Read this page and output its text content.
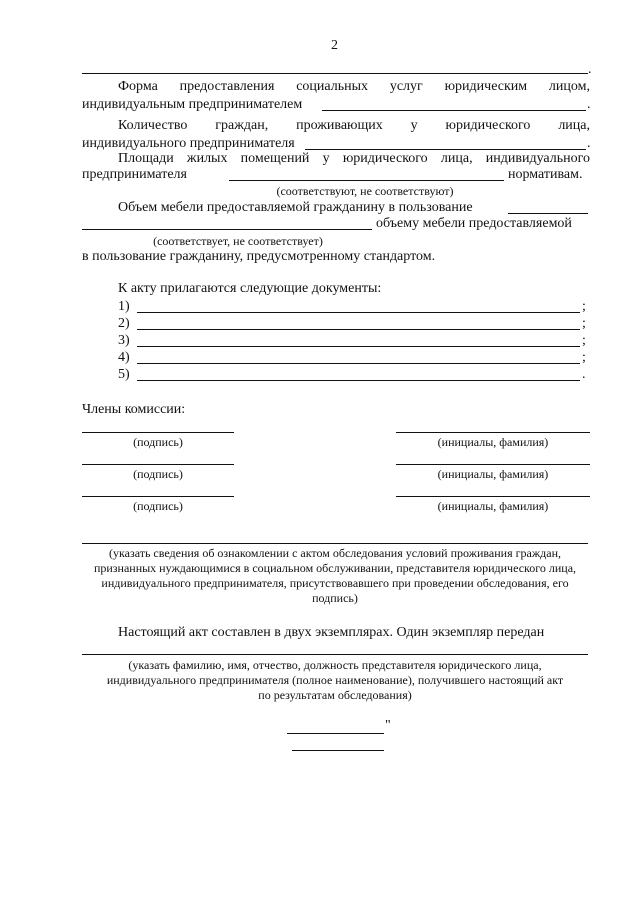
2
.
Форма предоставления социальных услуг юридическим лицом,
индивидуальным предпринимателем	.
Количество граждан, проживающих у юридического лица,
индивидуального предпринимателя	.
Площади жилых помещений у юридического лица, индивидуального
предпринимателя	нормативам.
(соответствуют, не соответствуют)
Объем мебели предоставляемой гражданину в пользование
объему мебели предоставляемой
(соответствует, не соответствует)
в пользование гражданину, предусмотренному стандартом.
К акту прилагаются следующие документы:
1)	;
2)	;
3)	;
4)	;
5)	.
Члены комиссии:
(подпись)	(инициалы, фамилия)
(подпись)	(инициалы, фамилия)
(подпись)	(инициалы, фамилия)
(указать сведения об ознакомлении с актом обследования условий проживания граждан, признанных нуждающимися в социальном обслуживании, представителя юридического лица, индивидуального предпринимателя, присутствовавшего при проведении обследования, его подпись)
Настоящий акт составлен в двух экземплярах. Один экземпляр передан
(указать фамилию, имя, отчество, должность представителя юридического лица, индивидуального предпринимателя (полное наименование), получившего настоящий акт по результатам обследования)
"
